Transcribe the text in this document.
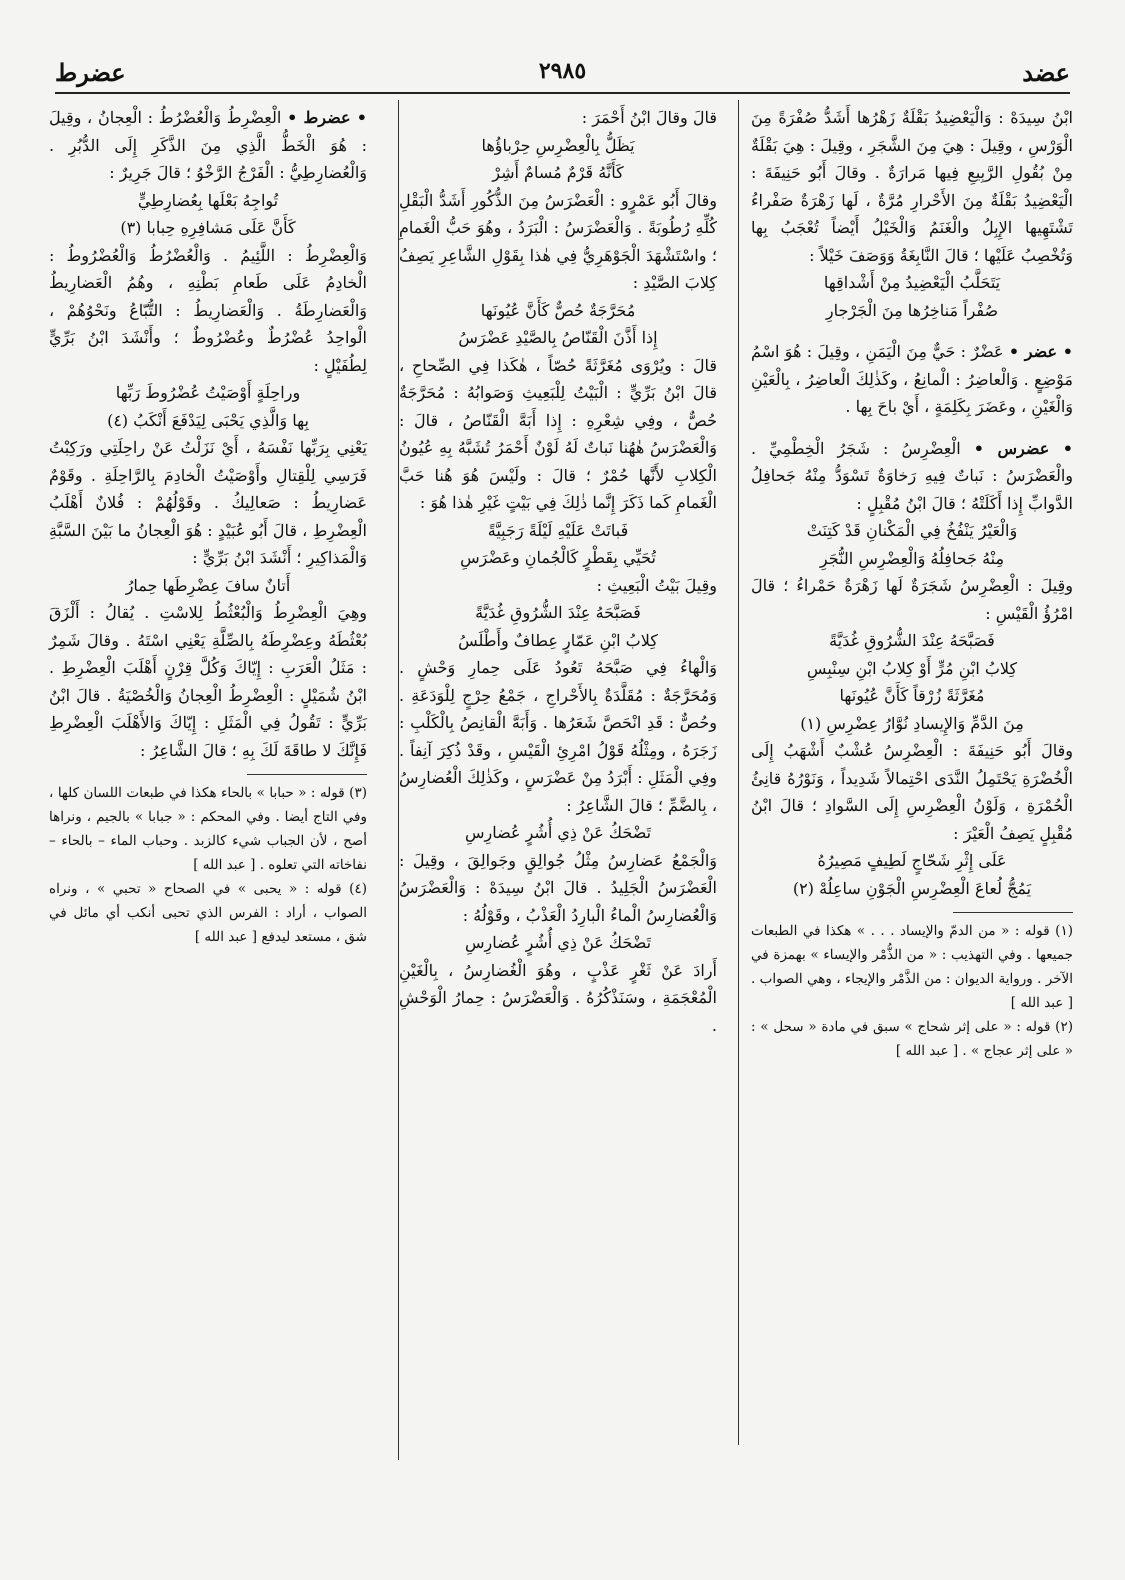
عضد
٢٩٨٥
عضرط

ابْنُ سِيدَهْ : وَالْيَعْضِيدُ بَقْلَةٌ زَهْرُها أَشَدُّ صُفْرَةً مِنَ الْوَرْسِ ، وقِيلَ : هِيَ مِنَ الشَّجَرِ ، وقِيلَ : هِيَ بَقْلَةٌ مِنْ بُقُولِ الرَّبِيعِ فِيها مَرارَةٌ . وقالَ أَبُو حَنِيفَةَ : الْيَعْضِيدُ بَقْلَةٌ مِنَ الأَحْرارِ مُرَّةٌ ، لَها زَهْرَةٌ صَفْراءُ تَشْتَهِيها الإِبِلُ والْغَنَمُ وَالْخَيْلُ أَيْضاً تُعْجَبُ بِها وَتُخْصِبُ عَلَيْها ؛ قالَ النَّابِغَةُ وَوَصَفَ خَيْلاً :

يَتَحَلَّبُ الْيَعْضِيدُ مِنْ أَشْداقِها

صُفْراً مَناخِرُها مِنَ الْجَرْجارِ

• عضر • عَضْرٌ : حَيٌّ مِنَ الْيَمَنِ ، وقِيلَ : هُوَ اسْمُ مَوْضِعٍ . وَالْعاضِرُ : الْمانِعُ ، وكَذٰلِكَ الْعاضِرُ ، بِالْعَيْنِ وَالْغَيْنِ ، وعَضَرَ بِكَلِمَةٍ ، أَيْ باحَ بِها .

• عضرس • الْعِضْرِسُ : شَجَرُ الْخِطْمِيِّ . والْعَضْرَسُ : نَباتٌ فِيهِ رَخاوَةٌ تَسْوَدُّ مِنْهُ جَحافِلُ الدَّوابِّ إِذا أَكَلَتْهُ ؛ قالَ ابْنُ مُقْبِلٍ :

وَالْعَيْرُ يَنْفُخُ فِي الْمَكْنانِ قَدْ كَتِنَتْ

مِنْهُ جَحافِلُهُ وَالْعِضْرِسِ النُّجَرِ

وقِيلَ : الْعِضْرِسُ شَجَرَةٌ لَها زَهْرَةٌ حَمْراءُ ؛ قالَ امْرُؤُ الْقَيْسِ :

فَصَبَّحَهُ عِنْدَ الشُّرُوقِ غُدَيَّةً

كِلابُ ابْنِ مُرٍّ أَوْ كِلابُ ابْنِ سِنْبِسِ

مُغَرَّثَةً زُرْقاً كَأَنَّ عُيُونَها

مِنَ الدَّمِّ وَالإِيسادِ نُوَّارُ عِضْرِسِ (١)

وقالَ أَبُو حَنِيفَةَ : الْعِضْرِسُ عُشْبٌ أَشْهَبُ إِلَى الْخُضْرَةِ يَحْتَمِلُ النَّدَى احْتِمالاً شَدِيداً ، وَنَوْرُهُ قانِئُ الْحُمْرَةِ ، وَلَوْنُ الْعِضْرِسِ إِلَى السَّوادِ ؛ قالَ ابْنُ مُقْبِلٍ يَصِفُ الْعَيْرَ :

عَلَى إِثْرِ شَحّاجٍ لَطِيفٍ مَصِيرُهُ

يَمُجُّ لُعاعَ الْعِضْرِسِ الْجَوْنِ ساعِلُهْ (٢)

(١) قوله : « من الدمّ والإيساد . . . » هكذا في الطبعات جميعها . وفي التهذيب : « من الذُّمْر والإيساء » بهمزة في الآخر . ورواية الديوان : من الذَّمْر والإيجاء ، وهي الصواب . [ عبد الله ]

(٢) قوله : « على إثر شحاج » سبق في مادة « سحل » : « على إثر عجاج » . [ عبد الله ]

قالَ وقالَ ابْنُ أَحْمَرَ :

يَظَلُّ بِالْعِضْرِسِ حِرْباؤُها

كَأَنَّهُ قَرْمٌ مُسامٌ أَشِرْ

وقالَ أَبُو عَمْرٍو : الْعَضْرَسُ مِنَ الذُّكُورِ أَشَدُّ الْبَقْلِ كُلِّهِ رُطُوبَةً . وَالْعَضْرَسُ : الْبَرَدُ ، وهُوَ حَبُّ الْغَمامِ ؛ واسْتَشْهَدَ الْجَوْهَرِيُّ فِي هٰذا بِقَوْلِ الشَّاعِرِ يَصِفُ كِلابَ الصَّيْدِ :

مُحَرَّجَةٌ حُصٌّ كَأَنَّ عُيُونَها

إِذا أَذَّنَ الْقَنّاصُ بِالصَّيْدِ عَضْرَسُ

قالَ : ويُرْوَى مُغَرَّثَةً حُصّاً ، هٰكَذا فِي الصِّحاحِ ، قالَ ابْنُ بَرِّيٍّ : الْبَيْتُ لِلْبَعِيثِ وَصَوابُهُ : مُحَرَّجَةٌ حُصٌّ ، وفِي شِعْرِهِ : إِذا أَبَهَّ الْقَنّاصُ ، قالَ : وَالْعَضْرَسُ هٰهُنا نَباتٌ لَهُ لَوْنٌ أَحْمَرُ تُشَبَّهُ بِهِ عُيُونُ الْكِلابِ لأَنَّها حُمْرٌ ؛ قالَ : ولَيْسَ هُوَ هُنا حَبَّ الْغَمامِ كَما ذَكَرَ إِنَّما ذٰلِكَ فِي بَيْتٍ غَيْرِ هٰذا هُوَ :

فَباتَتْ عَلَيْهِ لَيْلَةً رَجَبِيَّةً

تُحَيِّي بِقَطْرٍ كَالْجُمانِ وعَضْرَسِ

وقِيلَ بَيْتُ الْبَعِيثِ :

فَصَبَّحَهُ عِنْدَ الشُّرُوقِ غُدَيَّةً

كِلابُ ابْنِ عَمّارٍ عِطافٌ وأَطْلَسُ

وَالْهاءُ فِي صَبَّحَهُ تَعُودُ عَلَى حِمارِ وَحْشٍ . وَمُحَرَّجَةٌ : مُقَلَّدَةٌ بِالأَحْراجِ ، جَمْعُ حِرْجٍ لِلْوَدَعَةِ . وحُصٌّ : قَدِ انْحَصَّ شَعَرُها . وَأَبَهَّ الْقانِصُ بِالْكَلْبِ : زَجَرَهُ ، ومِثْلُهُ قَوْلُ امْرِئِ الْقَيْسِ ، وقَدْ ذُكِرَ آنِفاً . وفِي الْمَثَلِ : أَبْرَدُ مِنْ عَضْرَسٍ ، وكَذٰلِكَ الْعُضارِسُ ، بِالضَّمِّ ؛ قالَ الشَّاعِرُ :

تَضْحَكُ عَنْ ذِي أُشُرٍ عُضارِسِ

وَالْجَمْعُ عَضارِسُ مِثْلُ جُوالِقٍ وجَوالِقَ ، وقِيلَ : الْعَضْرَسُ الْجَلِيدُ . قالَ ابْنُ سِيدَهْ : وَالْعَضْرَسُ وَالْعُضارِسُ الْماءُ الْبارِدُ الْعَذْبُ ، وقَوْلُهُ :

تَضْحَكُ عَنْ ذِي أُشُرٍ عُضارِسِ

أَرادَ عَنْ ثَغْرٍ عَذْبٍ ، وهُوَ الْغُضارِسُ ، بِالْغَيْنِ الْمُعْجَمَةِ ، وسَنَذْكُرُهُ . وَالْعَضْرَسُ : حِمارُ الْوَحْشِ .

• عضرط • الْعِضْرِطُ وَالْعُضْرُطُ : الْعِجانُ ، وقِيلَ : هُوَ الْخَطُّ الَّذِي مِنَ الذَّكَرِ إِلَى الدُّبُرِ . وَالْعُضارِطِيُّ : الْفَرْجُ الرَّخْوُ ؛ قالَ جَرِيرٌ :

تُواجِهُ بَعْلَها بِعُضارِطِيٍّ

كَأَنَّ عَلَى مَشافِرِهِ حِبابا (٣)

وَالْعِضْرِطُ : اللَّئِيمُ . وَالْعُضْرُطُ وَالْعُضْرُوطُ : الْخادِمُ عَلَى طَعامِ بَطْنِهِ ، وهُمُ الْعَضارِيطُ وَالْعَضارِطَةُ . وَالْعَضارِيطُ : التُّبّاعُ ونَحْوُهُمْ ، الْواحِدُ عُضْرُطٌ وعُضْرُوطٌ ؛ وأَنْشَدَ ابْنُ بَرِّيٍّ لِطُفَيْلٍ :

وراحِلَةٍ أَوْصَيْتُ عُضْرُوطَ رَبِّها

بِها وَالَّذِي يَحْبَى لِيَدْفَعَ أَنْكَبُ (٤)

يَعْنِي بِرَبِّها نَفْسَهُ ، أَيْ نَزَلْتُ عَنْ راحِلَتِي ورَكِبْتُ فَرَسِي لِلْقِتالِ وأَوْصَيْتُ الْخادِمَ بِالرَّاحِلَةِ . وقَوْمٌ عَضارِيطُ : صَعالِيكُ . وقَوْلُهُمْ : فُلانٌ أَهْلَبُ الْعِضْرِطِ ، قالَ أَبُو عُبَيْدٍ : هُوَ الْعِجانُ ما بَيْنَ السَّبَّةِ وَالْمَذاكِيرِ ؛ أَنْشَدَ ابْنُ بَرِّيٍّ :

أَتانٌ سافَ عِضْرِطَها حِمارُ

وهِيَ الْعِضْرِطُ وَالْبُعْثُطُ لِلاسْتِ . يُقالُ : أَلْزَقَ بُعْثُطَهُ وعِضْرِطَهُ بِالصِّلَّةِ يَعْنِي اسْتَهُ . وقالَ شَمِرٌ : مَثَلُ الْعَرَبِ : إِيّاكَ وَكُلَّ قِرْنٍ أَهْلَبَ الْعِضْرِطِ . ابْنُ شُمَيْلٍ : الْعِضْرِطُ الْعِجانُ وَالْخُصْيَةُ . قالَ ابْنُ بَرِّيٍّ : تَقُولُ فِي الْمَثَلِ : إِيّاكَ وَالأَهْلَبَ الْعِضْرِطِ فَإِنَّكَ لا طاقَةَ لَكَ بِهِ ؛ قالَ الشَّاعِرُ :

(٣) قوله : « حبابا » بالحاء هكذا في طبعات اللسان كلها ، وفي التاج أيضا . وفي المحكم : « جبابا » بالجيم ، ونراها أصح ، لأن الجباب شيء كالزبد . وحباب الماء – بالحاء – نفاخاته التي تعلوه . [ عبد الله ]

(٤) قوله : « يحبى » في الصحاح « تحبي » ، ونراه الصواب ، أراد : الفرس الذي تحبى أنكب أي مائل في شق ، مستعد ليدفع [ عبد الله ]
